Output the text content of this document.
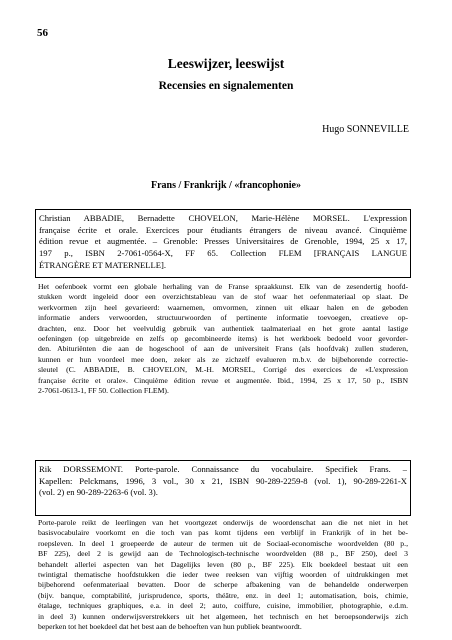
56
Leeswijzer, leeswijst
Recensies en signalementen
Hugo SONNEVILLE
Frans / Frankrijk / «francophonie»
Christian ABBADIE, Bernadette CHOVELON, Marie-Hélène MORSEL. L'expression
française écrite et orale. Exercices pour étudiants étrangers de niveau avancé. Cinquième
édition revue et augmentée. – Grenoble: Presses Universitaires de Grenoble, 1994, 25 x 17,
197 p., ISBN 2-7061-0564-X, FF 65. Collection FLEM [FRANÇAIS LANGUE
ÉTRANGÈRE ET MATERNELLE].
Het oefenboek vormt een globale herhaling van de Franse spraakkunst. Elk van de zesendertig hoofd-
stukken wordt ingeleid door een overzichtstableau van de stof waar het oefenmateriaal op slaat. De
werkvormen zijn heel gevarieerd: waarnemen, omvormen, zinnen uit elkaar halen en de geboden
informatie anders verwoorden, structuurwoorden of pertinente informatie toevoegen, creatieve op-
drachten, enz. Door het veelvuldig gebruik van authentiek taalmateriaal en het grote aantal lastige
oefeningen (op uitgebreide en zelfs op gecombineerde items) is het werkboek bedoeld voor gevorder-
den. Abituriënten die aan de hogeschool of aan de universiteit Frans (als hoofdvak) zullen studeren,
kunnen er hun voordeel mee doen, zeker als ze zichzelf evalueren m.b.v. de bijbehorende correctie-
sleutel (C. ABBADIE, B. CHOVELON, M.-H. MORSEL, Corrigé des exercices de «L'expression
française écrite et orale». Cinquième édition revue et augmentée. Ibid., 1994, 25 x 17, 50 p., ISBN
2-7061-0613-1, FF 50. Collection FLEM).
Rik DORSSEMONT. Porte-parole. Connaissance du vocabulaire. Specifiek Frans. –
Kapellen: Pelckmans, 1996, 3 vol., 30 x 21, ISBN 90-289-2259-8 (vol. 1), 90-289-2261-X
(vol. 2) en 90-289-2263-6 (vol. 3).
Porte-parole reikt de leerlingen van het voortgezet onderwijs de woordenschat aan die net niet in het
basisvocabulaire voorkomt en die toch van pas komt tijdens een verblijf in Frankrijk of in het be-
roepsleven. In deel 1 groepeerde de auteur de termen uit de Sociaal-economische woordvelden (80 p.,
BF 225), deel 2 is gewijd aan de Technologisch-technische woordvelden (88 p., BF 250), deel 3
behandelt allerlei aspecten van het Dagelijks leven (80 p., BF 225). Elk boekdeel bestaat uit een
twintigtal thematische hoofdstukken die ieder twee reeksen van vijftig woorden of uitdrukkingen met
bijbehorend oefenmateriaal bevatten. Door de scherpe afbakening van de behandelde onderwerpen
(bijv. banque, comptabilité, jurisprudence, sports, théâtre, enz. in deel 1; automatisation, bois, chimie,
étalage, techniques graphiques, e.a. in deel 2; auto, coiffure, cuisine, immobilier, photographie, e.d.m.
in deel 3) kunnen onderwijsverstrekkers uit het algemeen, het technisch en het beroepsonderwijs zich
beperken tot het boekdeel dat het best aan de behoeften van hun publiek beantwoordt.
